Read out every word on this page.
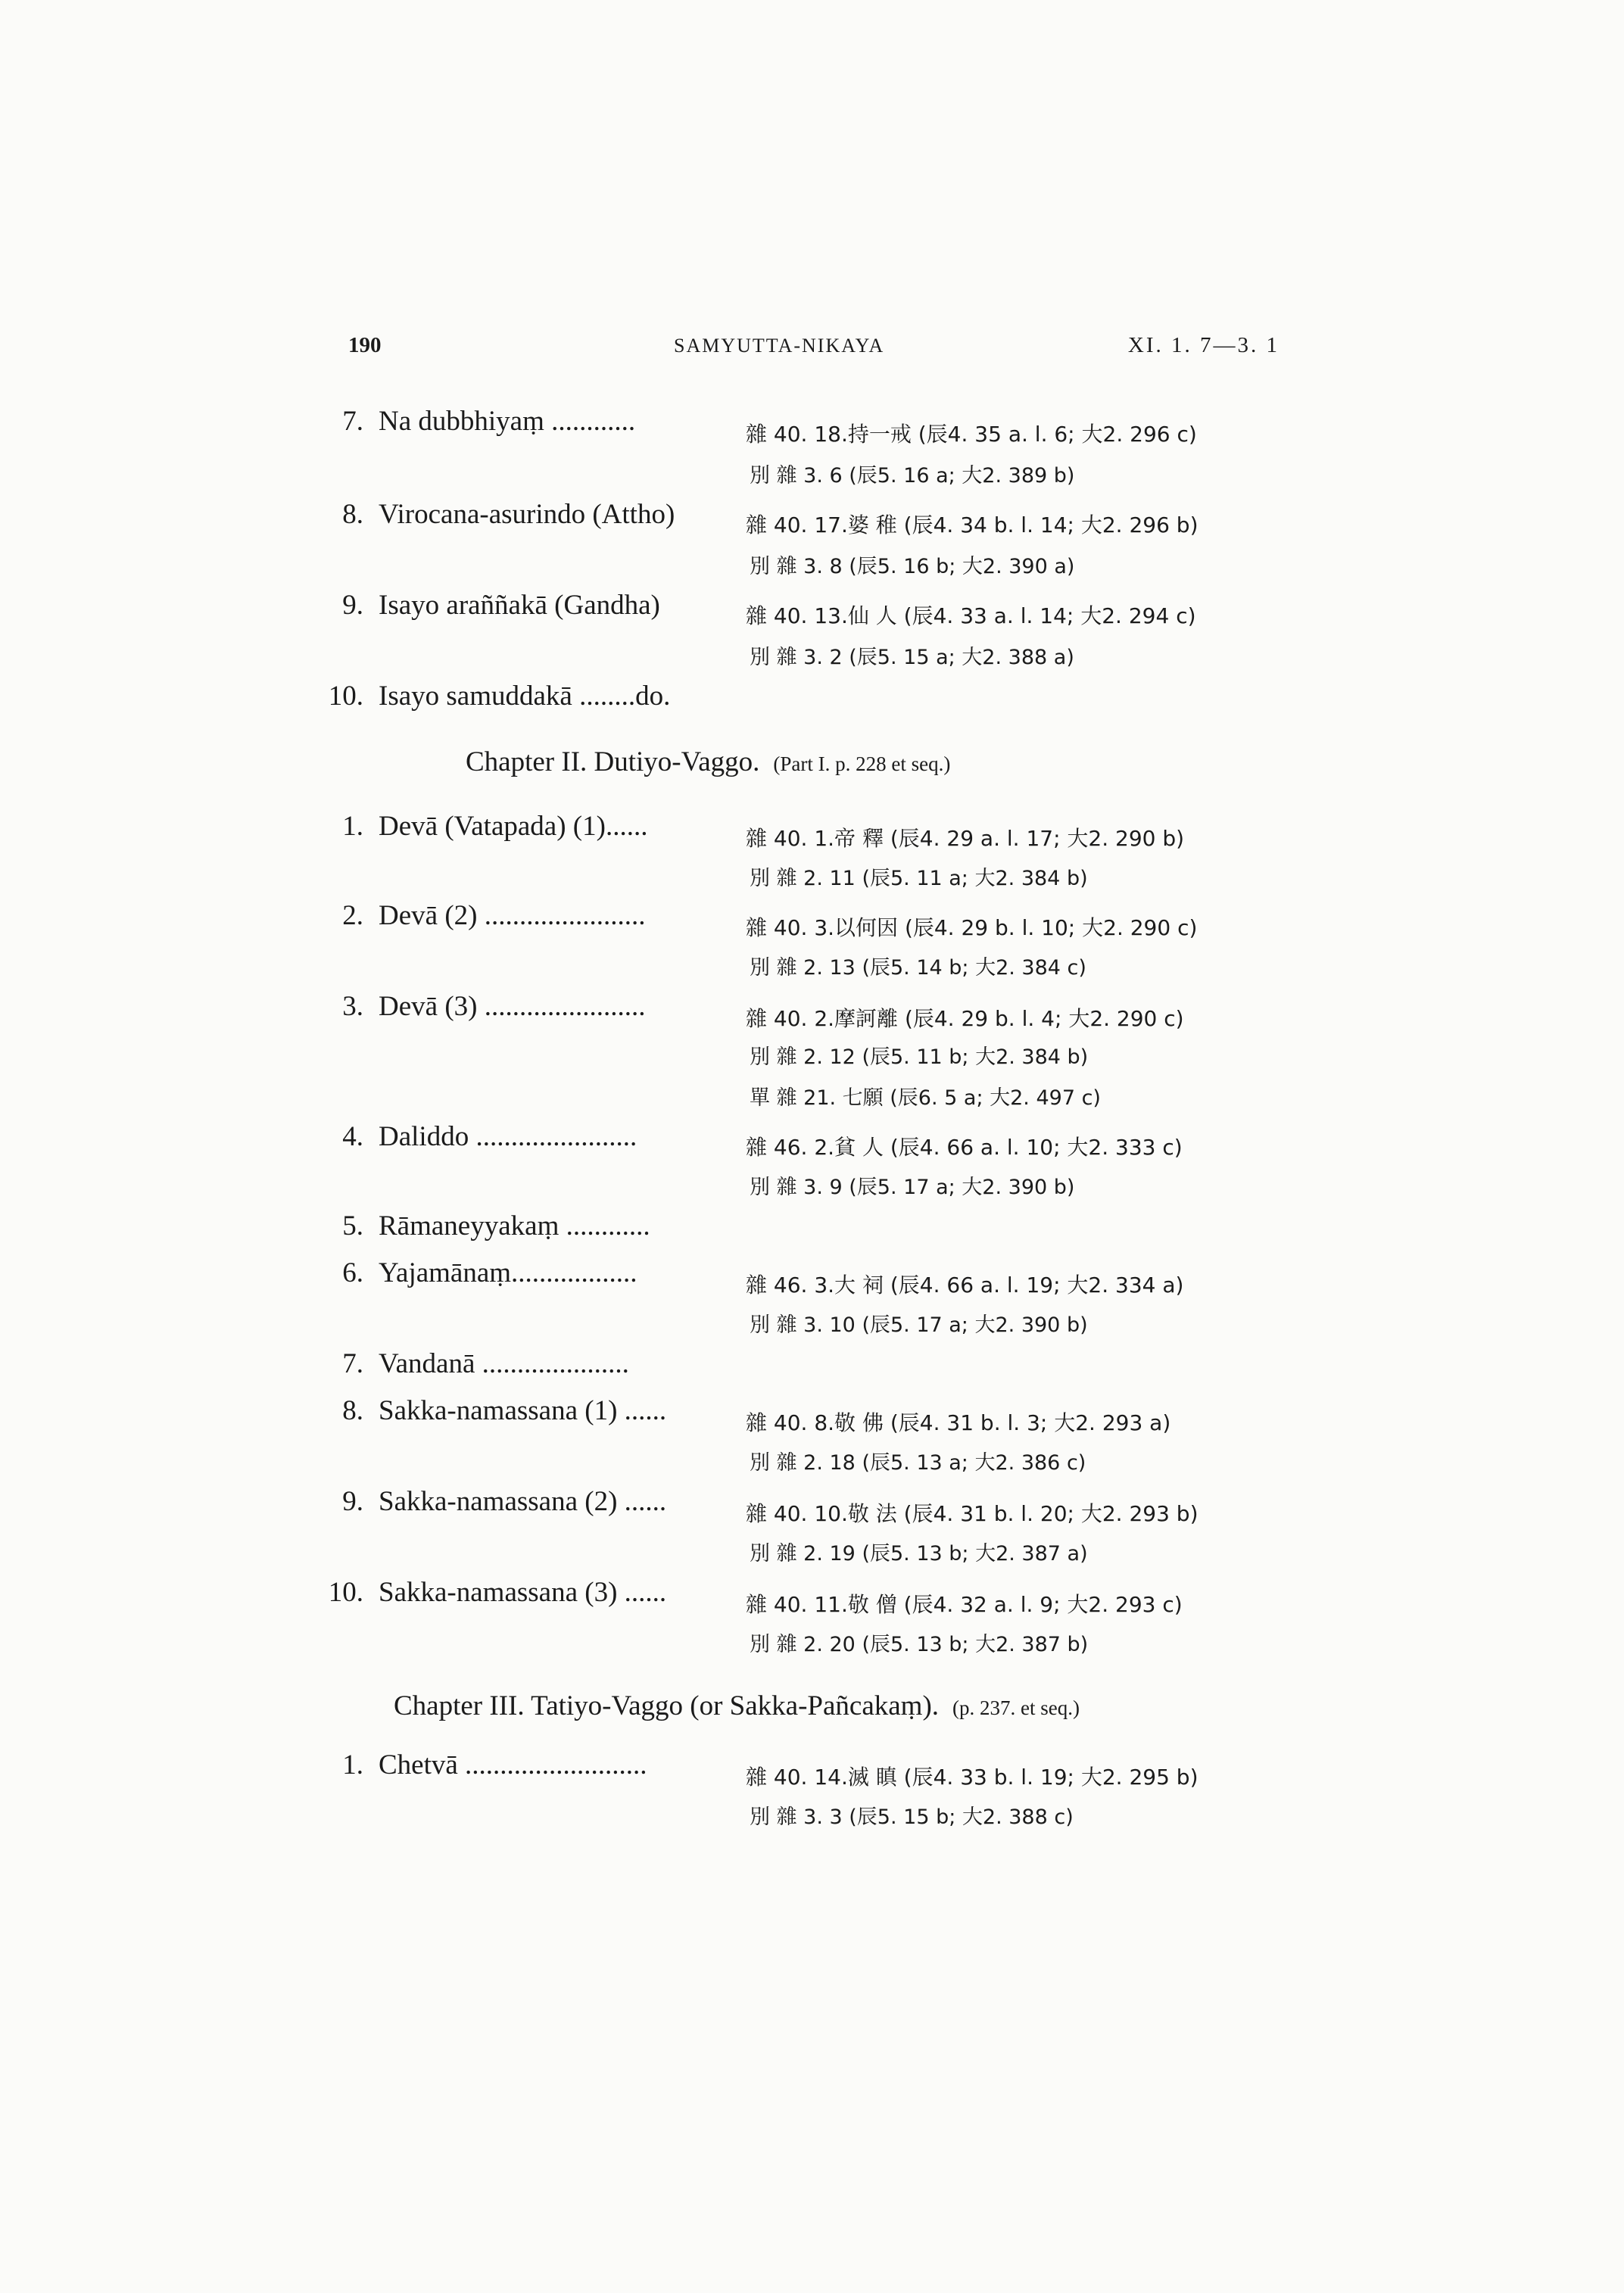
190	SAMYUTTA-NIKAYA	XI. 1. 7—3. 1
7. Na dubbhiyaṃ ............	雜 40. 18.持一戒 (辰4. 35 a. l. 6; 大2. 296 c)
別 雜 3. 6 (辰5. 16 a; 大2. 389 b)
8. Virocana-asurindo (Attho)	雜 40. 17.婆 稚 (辰4. 34 b. l. 14; 大2. 296 b)
別 雜 3. 8 (辰5. 16 b; 大2. 390 a)
9. Isayo araññakā (Gandha)	雜 40. 13.仙 人 (辰4. 33 a. l. 14; 大2. 294 c)
別 雜 3. 2 (辰5. 15 a; 大2. 388 a)
10. Isayo samuddakā ........do.
Chapter II. Dutiyo-Vaggo. (Part I. p. 228 et seq.)
1. Devā (Vatapada) (1)......	雜 40. 1.帝 釋 (辰4. 29 a. l. 17; 大2. 290 b)
別 雜 2. 11 (辰5. 11 a; 大2. 384 b)
2. Devā (2) .......................	雜 40. 3.以何因 (辰4. 29 b. l. 10; 大2. 290 c)
別 雜 2. 13 (辰5. 14 b; 大2. 384 c)
3. Devā (3) .......................	雜 40. 2.摩訶離 (辰4. 29 b. l. 4; 大2. 290 c)
別 雜 2. 12 (辰5. 11 b; 大2. 384 b)
單 雜 21. 七願 (辰6. 5 a; 大2. 497 c)
4. Daliddo .......................	雜 46. 2.貧 人 (辰4. 66 a. l. 10; 大2. 333 c)
別 雜 3. 9 (辰5. 17 a; 大2. 390 b)
5. Rāmaneyyakaṃ ............
6. Yajamānaṃ..................	雜 46. 3.大 祠 (辰4. 66 a. l. 19; 大2. 334 a)
別 雜 3. 10 (辰5. 17 a; 大2. 390 b)
7. Vandanā .....................
8. Sakka-namassana (1) ......	雜 40. 8.敬 佛 (辰4. 31 b. l. 3; 大2. 293 a)
別 雜 2. 18 (辰5. 13 a; 大2. 386 c)
9. Sakka-namassana (2) ......	雜 40. 10.敬 法 (辰4. 31 b. l. 20; 大2. 293 b)
別 雜 2. 19 (辰5. 13 b; 大2. 387 a)
10. Sakka-namassana (3) ......	雜 40. 11.敬 僧 (辰4. 32 a. l. 9; 大2. 293 c)
別 雜 2. 20 (辰5. 13 b; 大2. 387 b)
Chapter III. Tatiyo-Vaggo (or Sakka-Pañcakaṃ). (p. 237. et seq.)
1. Chetvā ..........................	雜 40. 14.滅 瞋 (辰4. 33 b. l. 19; 大2. 295 b)
別 雜 3. 3 (辰5. 15 b; 大2. 388 c)
